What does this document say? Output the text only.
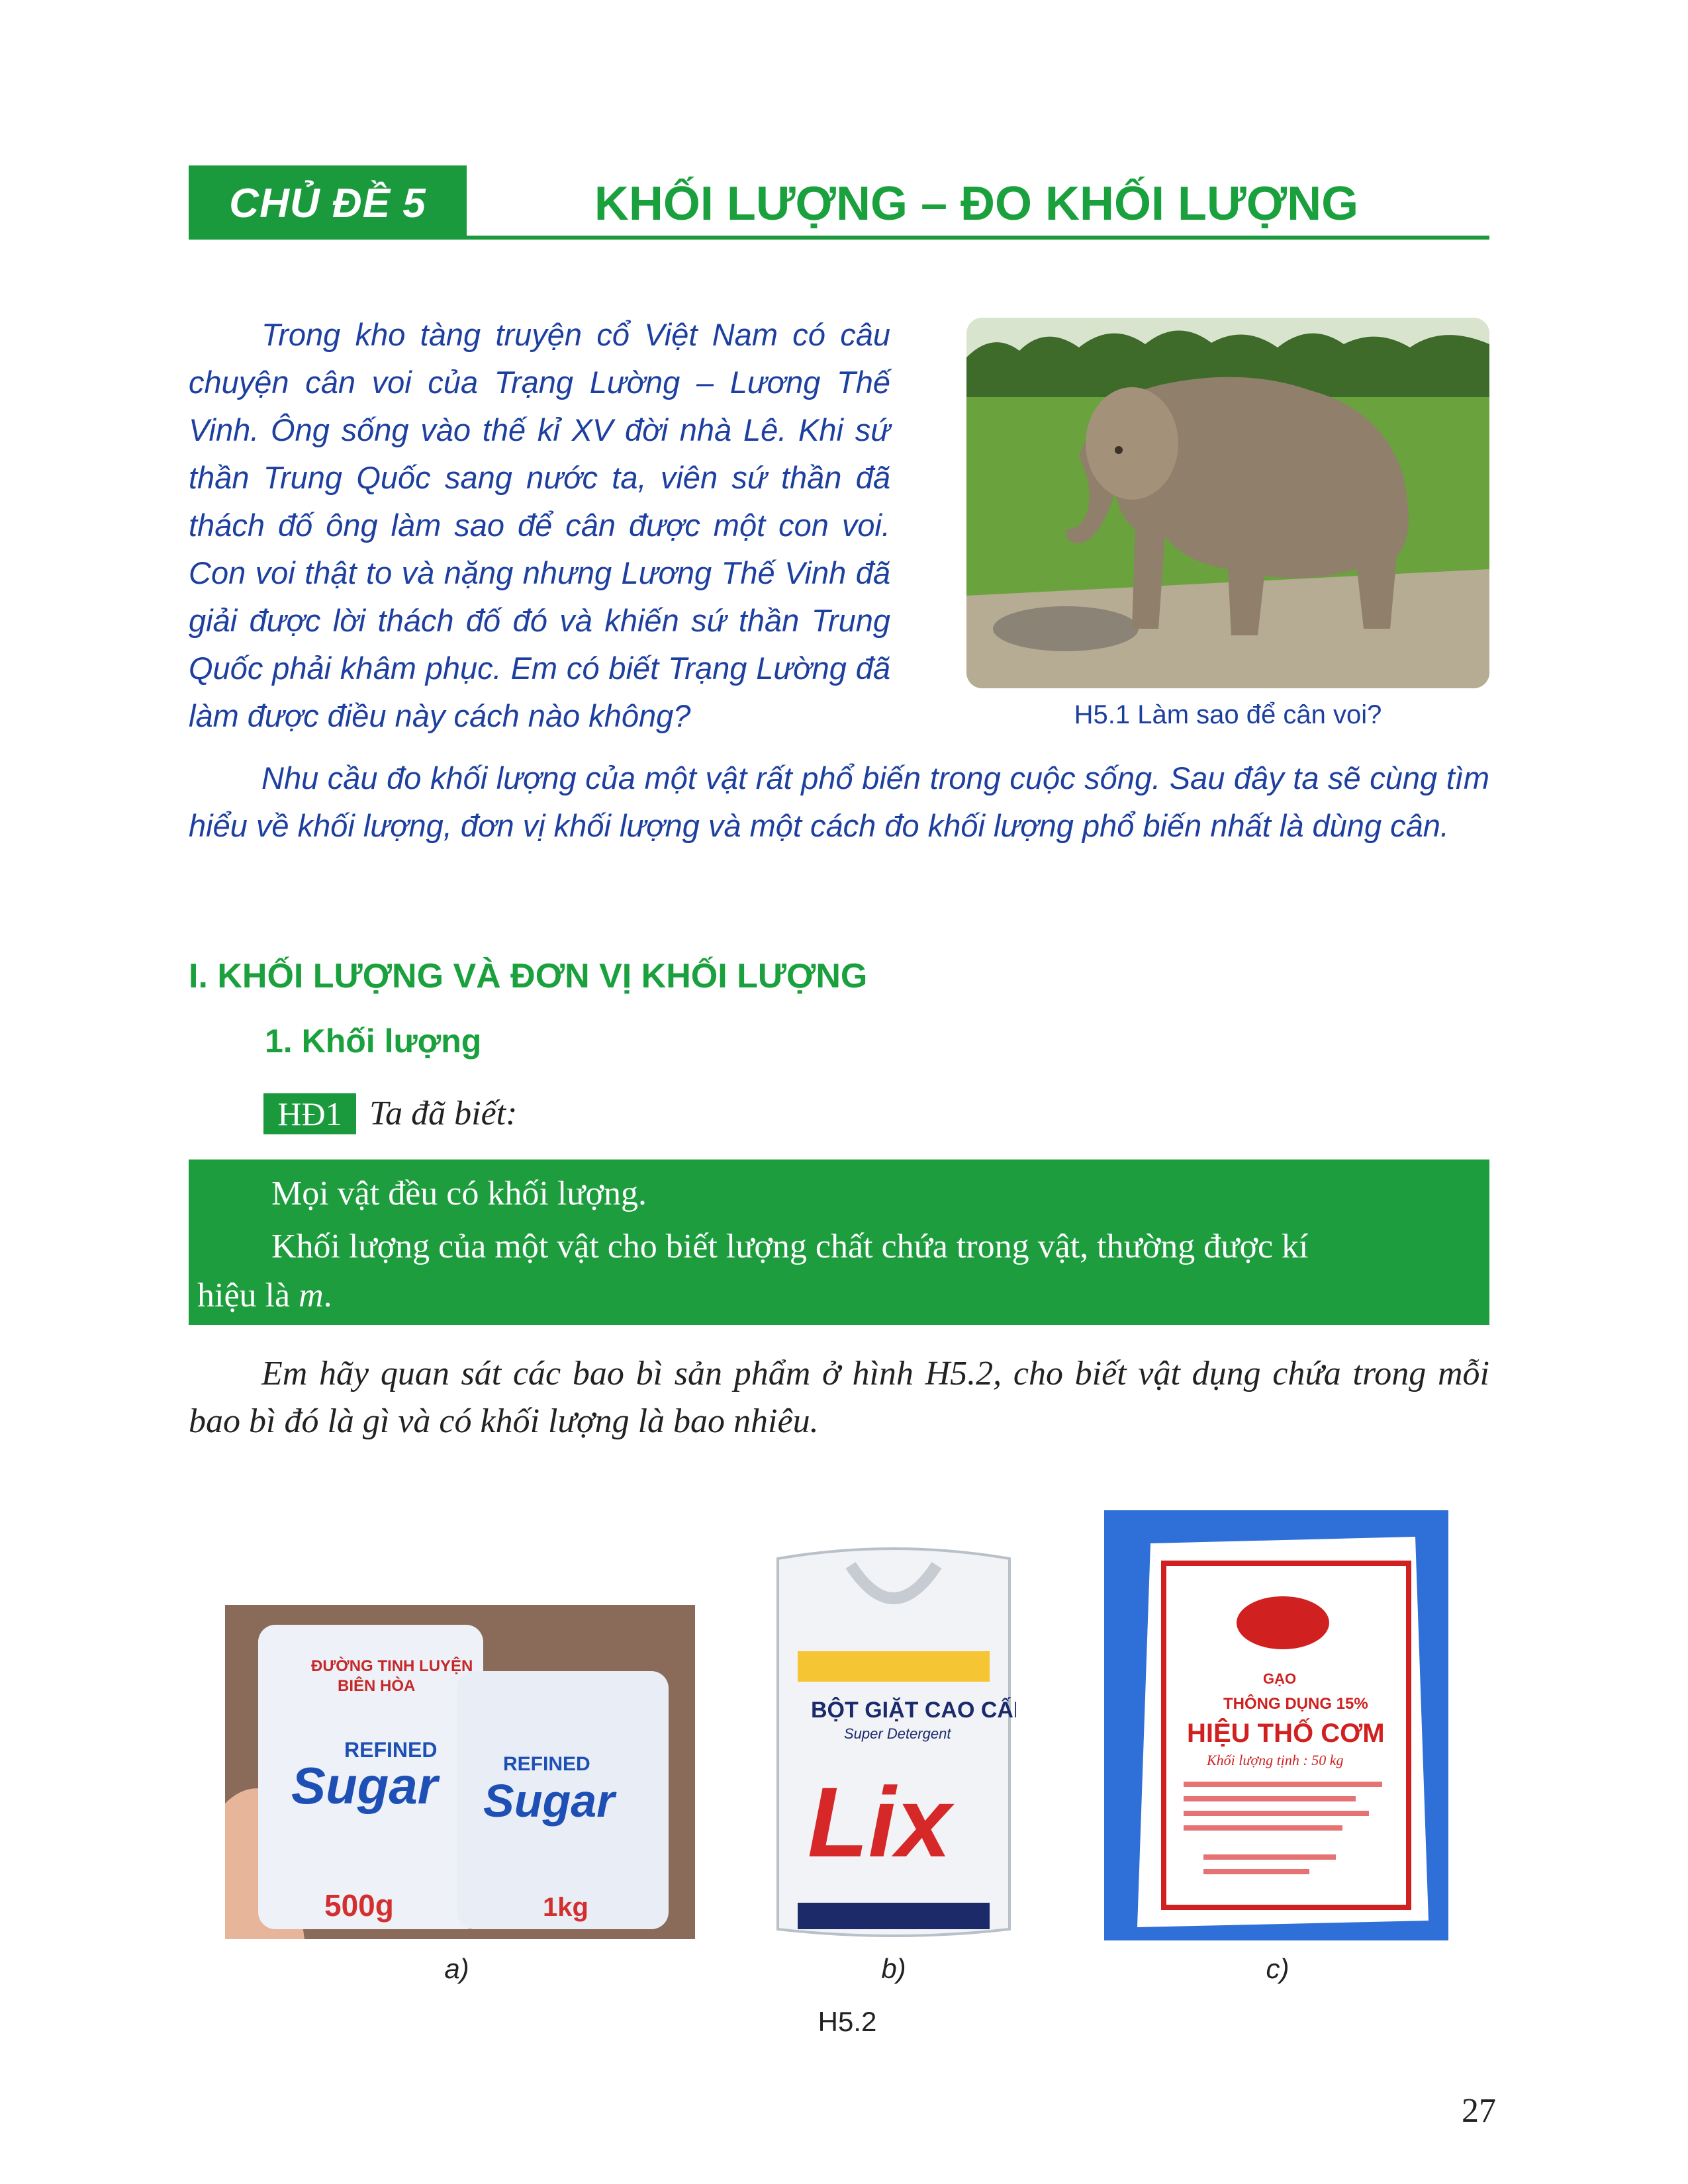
CHỦ ĐỀ 5	KHỐI LƯỢNG – ĐO KHỐI LƯỢNG
Trong kho tàng truyện cổ Việt Nam có câu chuyện cân voi của Trạng Lường – Lương Thế Vinh. Ông sống vào thế kỉ XV đời nhà Lê. Khi sứ thần Trung Quốc sang nước ta, viên sứ thần đã thách đố ông làm sao để cân được một con voi. Con voi thật to và nặng nhưng Lương Thế Vinh đã giải được lời thách đố đó và khiến sứ thần Trung Quốc phải khâm phục. Em có biết Trạng Lường đã làm được điều này cách nào không?	H5.1 Làm sao để cân voi?
Nhu cầu đo khối lượng của một vật rất phổ biến trong cuộc sống. Sau đây ta sẽ cùng tìm hiểu về khối lượng, đơn vị khối lượng và một cách đo khối lượng phổ biến nhất là dùng cân.
I. KHỐI LƯỢNG VÀ ĐƠN VỊ KHỐI LƯỢNG
1. Khối lượng
HĐ1 Ta đã biết:
Mọi vật đều có khối lượng.
Khối lượng của một vật cho biết lượng chất chứa trong vật, thường được kí
hiệu là m.
Em hãy quan sát các bao bì sản phẩm ở hình H5.2, cho biết vật dụng chứa trong mỗi bao bì đó là gì và có khối lượng là bao nhiêu.
ĐƯỜNG TINH LUYỆN
BIÊN HÒA
REFINED
Sugar
500g
REFINED
Sugar
1kg
a)
BỘT GIẶT CAO CẤP
Super Detergent
Lix
b)
GẠO
THÔNG DỤNG 15%
HIỆU THỐ CƠM
Khối lượng tịnh : 50 kg
c)
H5.2
27
